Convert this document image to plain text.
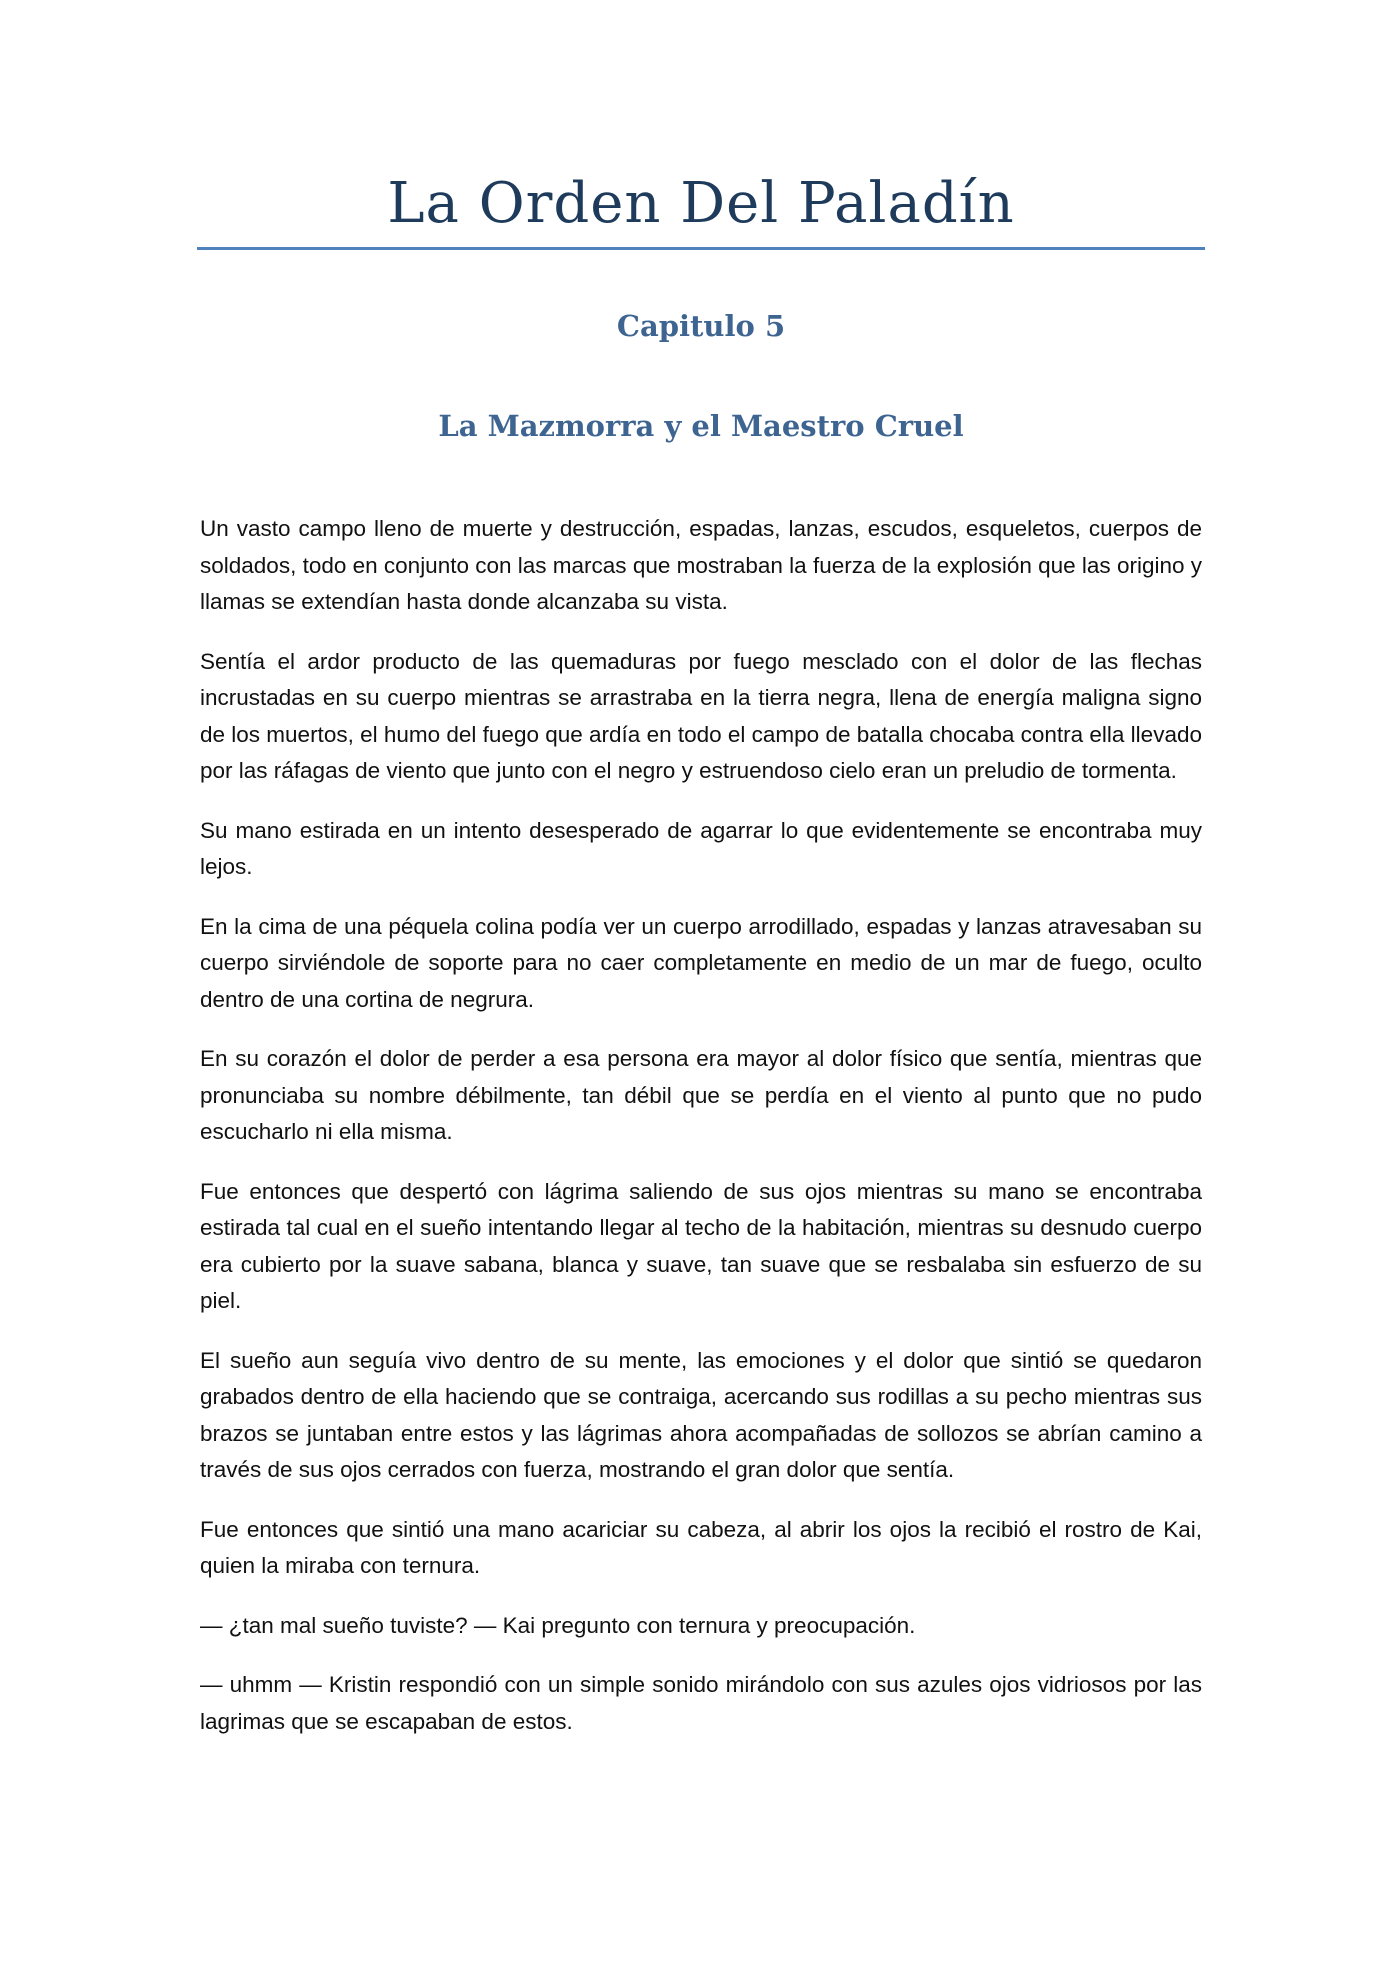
La Orden Del Paladín
Capitulo 5
La Mazmorra y el Maestro Cruel

Un vasto campo lleno de muerte y destrucción, espadas, lanzas, escudos, esqueletos, cuerpos de soldados, todo en conjunto con las marcas que mostraban la fuerza de la explosión que las origino y llamas se extendían hasta donde alcanzaba su vista.

Sentía el ardor producto de las quemaduras por fuego mesclado con el dolor de las flechas incrustadas en su cuerpo mientras se arrastraba en la tierra negra, llena de energía maligna signo de los muertos, el humo del fuego que ardía en todo el campo de batalla chocaba contra ella llevado por las ráfagas de viento que junto con el negro y estruendoso cielo eran un preludio de tormenta.

Su mano estirada en un intento desesperado de agarrar lo que evidentemente se encontraba muy lejos.

En la cima de una péquela colina podía ver un cuerpo arrodillado, espadas y lanzas atravesaban su cuerpo sirviéndole de soporte para no caer completamente en medio de un mar de fuego, oculto dentro de una cortina de negrura.

En su corazón el dolor de perder a esa persona era mayor al dolor físico que sentía, mientras que pronunciaba su nombre débilmente, tan débil que se perdía en el viento al punto que no pudo escucharlo ni ella misma.

Fue entonces que despertó con lágrima saliendo de sus ojos mientras su mano se encontraba estirada tal cual en el sueño intentando llegar al techo de la habitación, mientras su desnudo cuerpo era cubierto por la suave sabana, blanca y suave, tan suave que se resbalaba sin esfuerzo de su piel.

El sueño aun seguía vivo dentro de su mente, las emociones y el dolor que sintió se quedaron grabados dentro de ella haciendo que se contraiga, acercando sus rodillas a su pecho mientras sus brazos se juntaban entre estos y las lágrimas ahora acompañadas de sollozos se abrían camino a través de sus ojos cerrados con fuerza, mostrando el gran dolor que sentía.

Fue entonces que sintió una mano acariciar su cabeza, al abrir los ojos la recibió el rostro de Kai, quien la miraba con ternura.

— ¿tan mal sueño tuviste? — Kai pregunto con ternura y preocupación.

— uhmm — Kristin respondió con un simple sonido mirándolo con sus azules ojos vidriosos por las lagrimas que se escapaban de estos.
